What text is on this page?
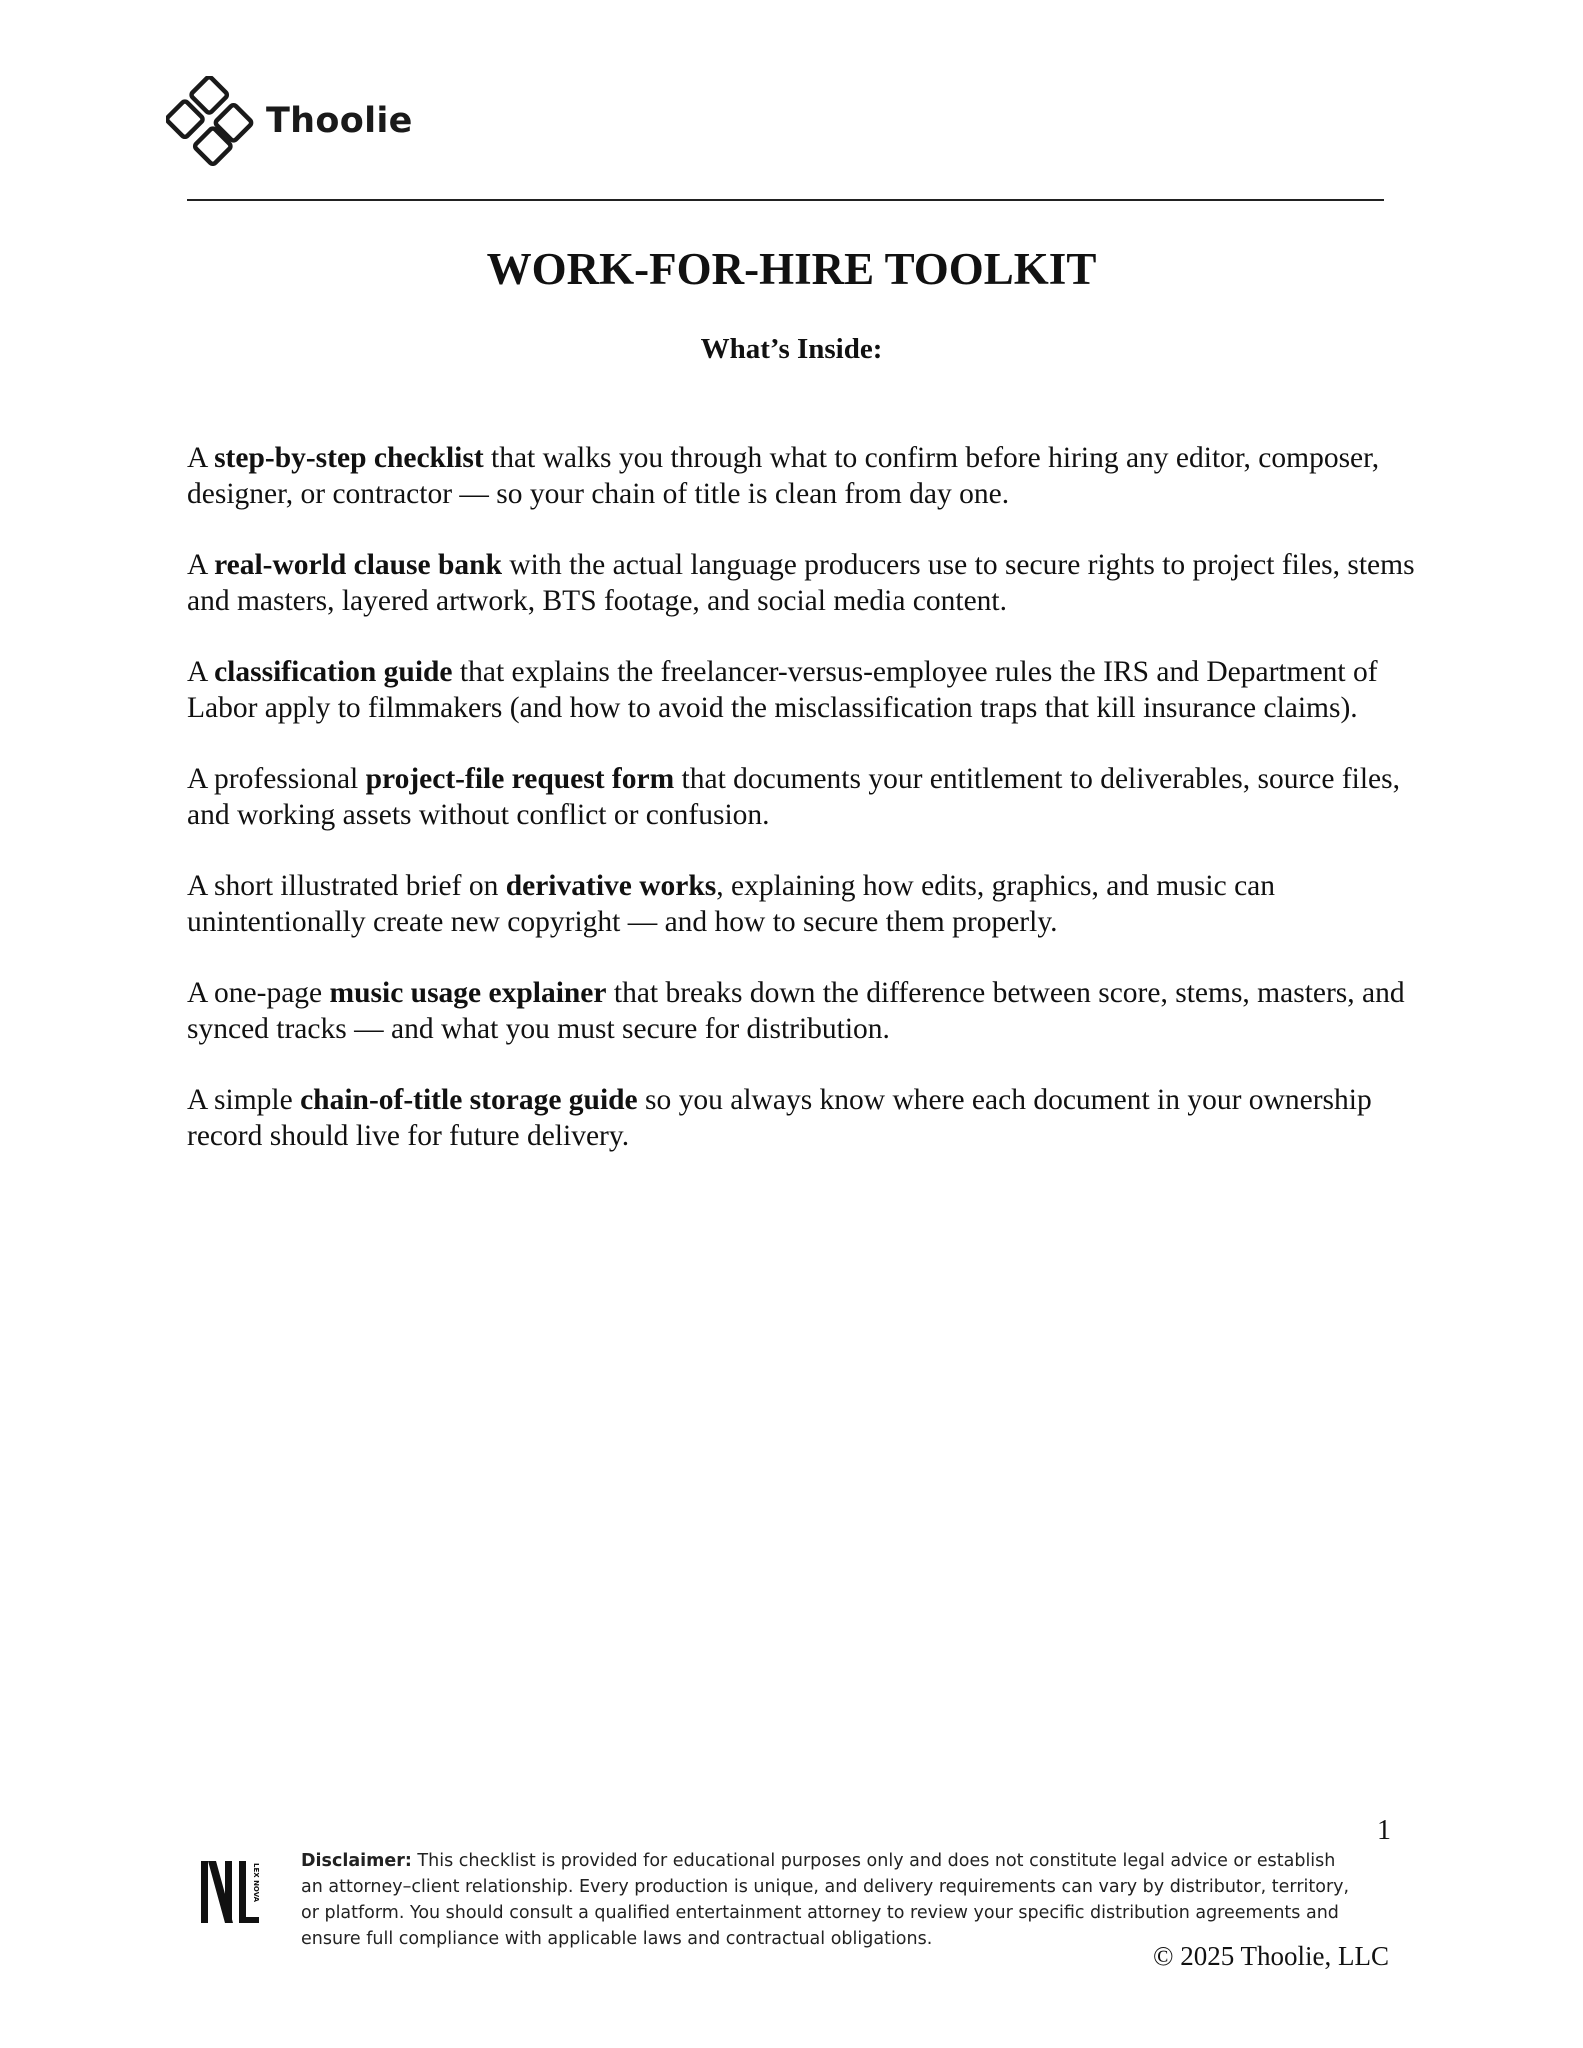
Thoolie
WORK-FOR-HIRE TOOLKIT
What’s Inside:

A step-by-step checklist that walks you through what to confirm before hiring any editor, composer, designer, or contractor — so your chain of title is clean from day one.

A real-world clause bank with the actual language producers use to secure rights to project files, stems and masters, layered artwork, BTS footage, and social media content.

A classification guide that explains the freelancer-versus-employee rules the IRS and Department of Labor apply to filmmakers (and how to avoid the misclassification traps that kill insurance claims).

A professional project-file request form that documents your entitlement to deliverables, source files, and working assets without conflict or confusion.

A short illustrated brief on derivative works, explaining how edits, graphics, and music can unintentionally create new copyright — and how to secure them properly.

A one-page music usage explainer that breaks down the difference between score, stems, masters, and synced tracks — and what you must secure for distribution.

A simple chain-of-title storage guide so you always know where each document in your ownership record should live for future delivery.

1
LEX NOVA
Disclaimer: This checklist is provided for educational purposes only and does not constitute legal advice or establish an attorney–client relationship. Every production is unique, and delivery requirements can vary by distributor, territory, or platform. You should consult a qualified entertainment attorney to review your specific distribution agreements and ensure full compliance with applicable laws and contractual obligations.
© 2025 Thoolie, LLC
